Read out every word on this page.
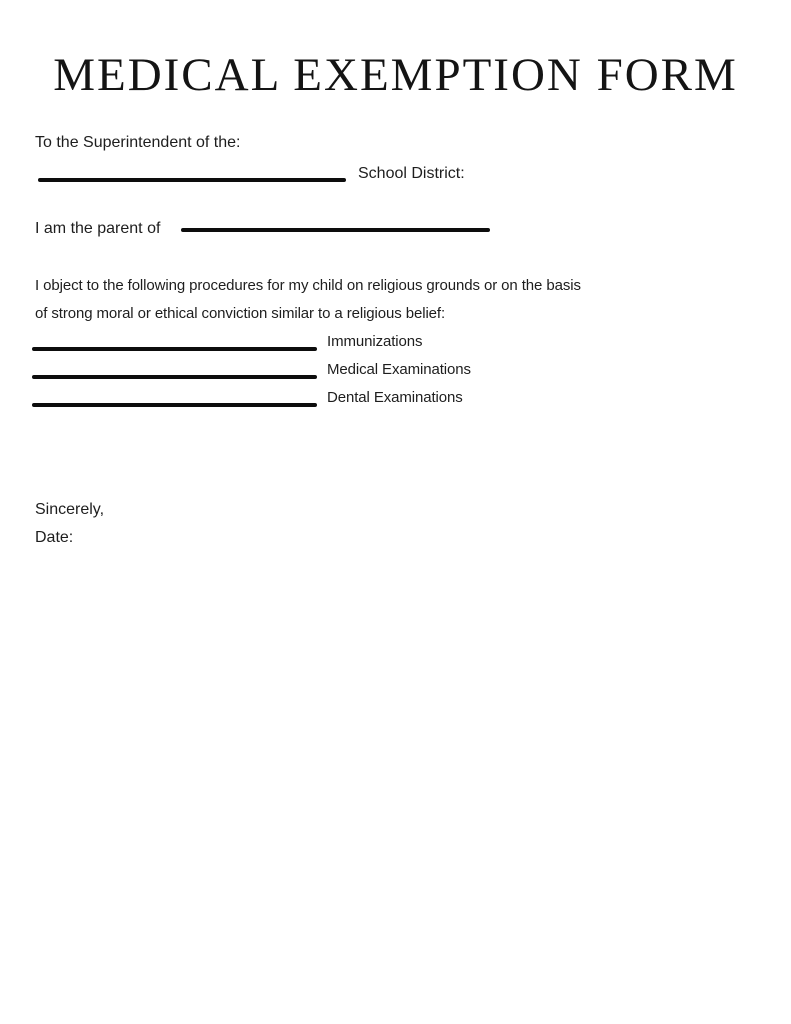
MEDICAL EXEMPTION FORM
To the Superintendent of the:
School District:
I am the parent of
I object to the following procedures for my child on religious grounds or on the basis
of strong moral or ethical conviction similar to a religious belief:
Immunizations
Medical Examinations
Dental Examinations
Sincerely,
Date:
